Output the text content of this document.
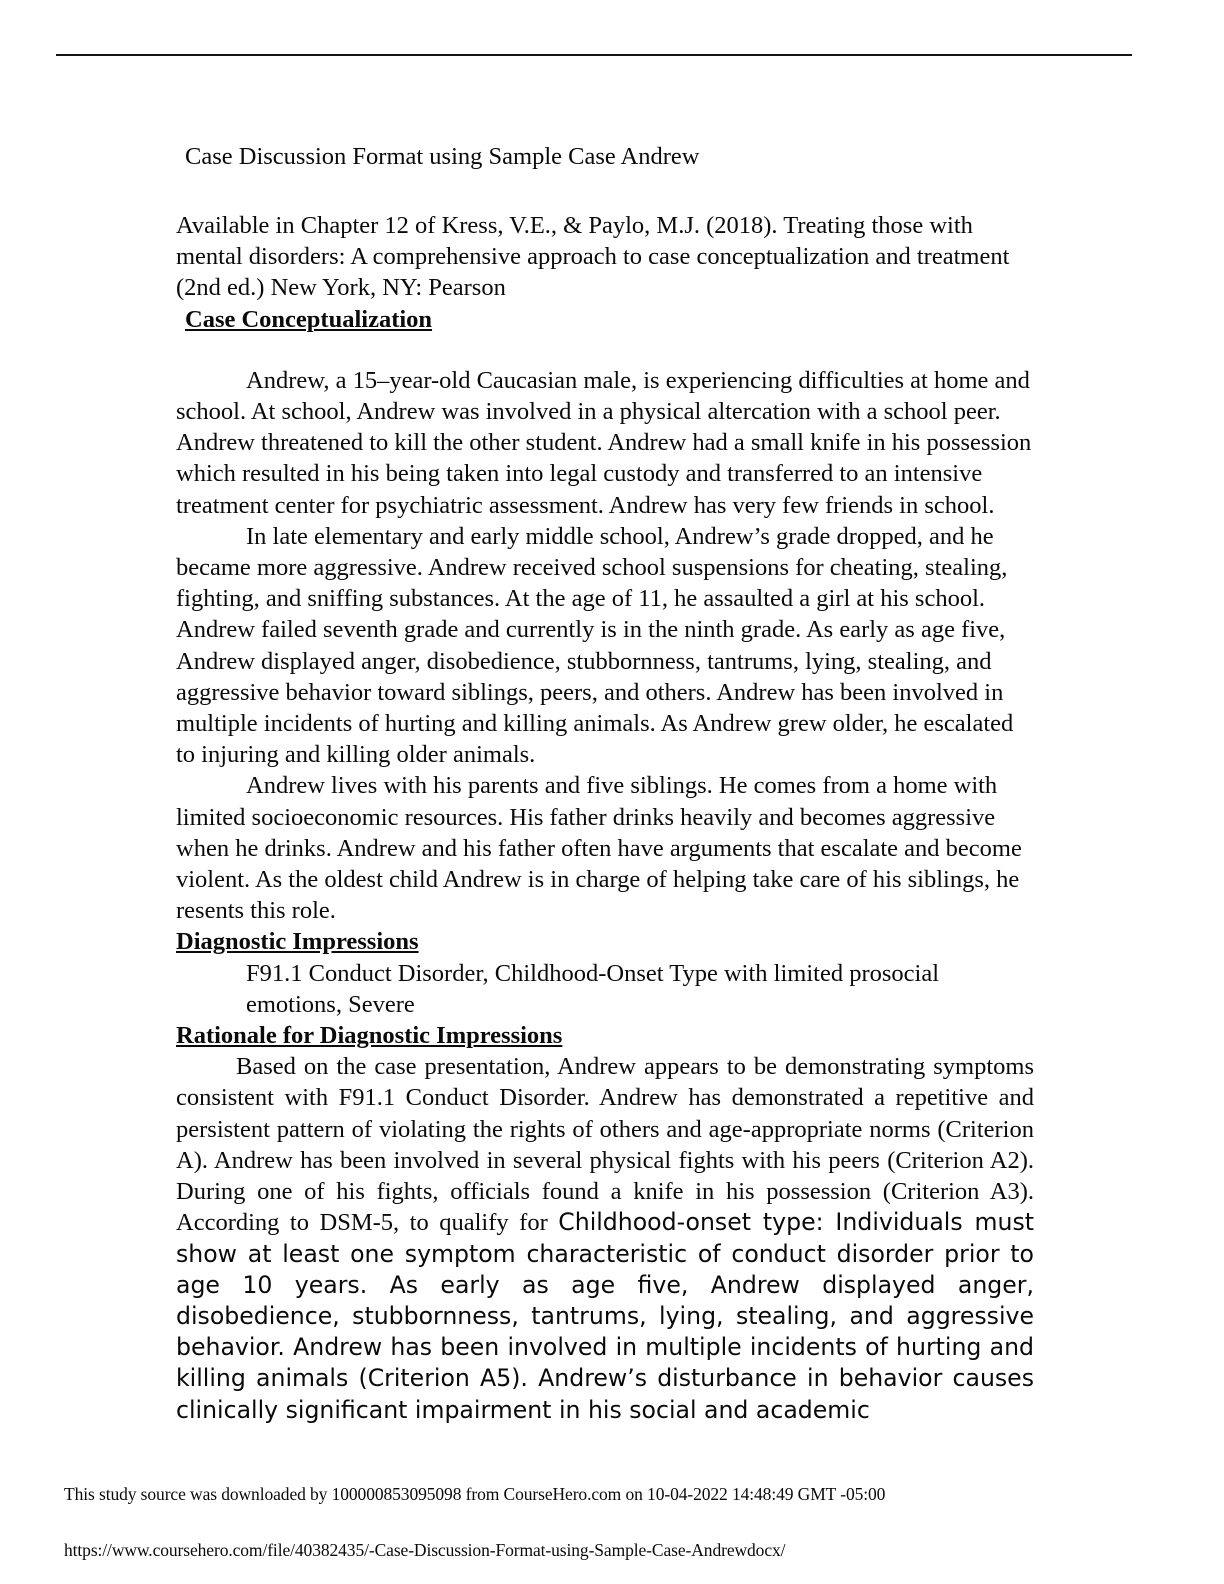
Case Discussion Format using Sample Case Andrew

Available in Chapter 12 of Kress, V.E., & Paylo, M.J. (2018). Treating those with mental disorders: A comprehensive approach to case conceptualization and treatment (2nd ed.) New York, NY: Pearson

Case Conceptualization

Andrew, a 15–year-old Caucasian male, is experiencing difficulties at home and school. At school, Andrew was involved in a physical altercation with a school peer. Andrew threatened to kill the other student. Andrew had a small knife in his possession which resulted in his being taken into legal custody and transferred to an intensive treatment center for psychiatric assessment. Andrew has very few friends in school.

In late elementary and early middle school, Andrew’s grade dropped, and he became more aggressive. Andrew received school suspensions for cheating, stealing, fighting, and sniffing substances. At the age of 11, he assaulted a girl at his school. Andrew failed seventh grade and currently is in the ninth grade. As early as age five, Andrew displayed anger, disobedience, stubbornness, tantrums, lying, stealing, and aggressive behavior toward siblings, peers, and others. Andrew has been involved in multiple incidents of hurting and killing animals. As Andrew grew older, he escalated to injuring and killing older animals.

Andrew lives with his parents and five siblings. He comes from a home with limited socioeconomic resources. His father drinks heavily and becomes aggressive when he drinks. Andrew and his father often have arguments that escalate and become violent. As the oldest child Andrew is in charge of helping take care of his siblings, he resents this role.

Diagnostic Impressions

F91.1 Conduct Disorder, Childhood-Onset Type with limited prosocial emotions, Severe

Rationale for Diagnostic Impressions

Based on the case presentation, Andrew appears to be demonstrating symptoms consistent with F91.1 Conduct Disorder. Andrew has demonstrated a repetitive and persistent pattern of violating the rights of others and age-appropriate norms (Criterion A). Andrew has been involved in several physical fights with his peers (Criterion A2). During one of his fights, officials found a knife in his possession (Criterion A3). According to DSM-5, to qualify for Childhood-onset type: Individuals must show at least one symptom characteristic of conduct disorder prior to age 10 years. As early as age five, Andrew displayed anger, disobedience, stubbornness, tantrums, lying, stealing, and aggressive behavior. Andrew has been involved in multiple incidents of hurting and killing animals (Criterion A5). Andrew’s disturbance in behavior causes clinically significant impairment in his social and academic

This study source was downloaded by 100000853095098 from CourseHero.com on 10-04-2022 14:48:49 GMT -05:00
https://www.coursehero.com/file/40382435/-Case-Discussion-Format-using-Sample-Case-Andrewdocx/
